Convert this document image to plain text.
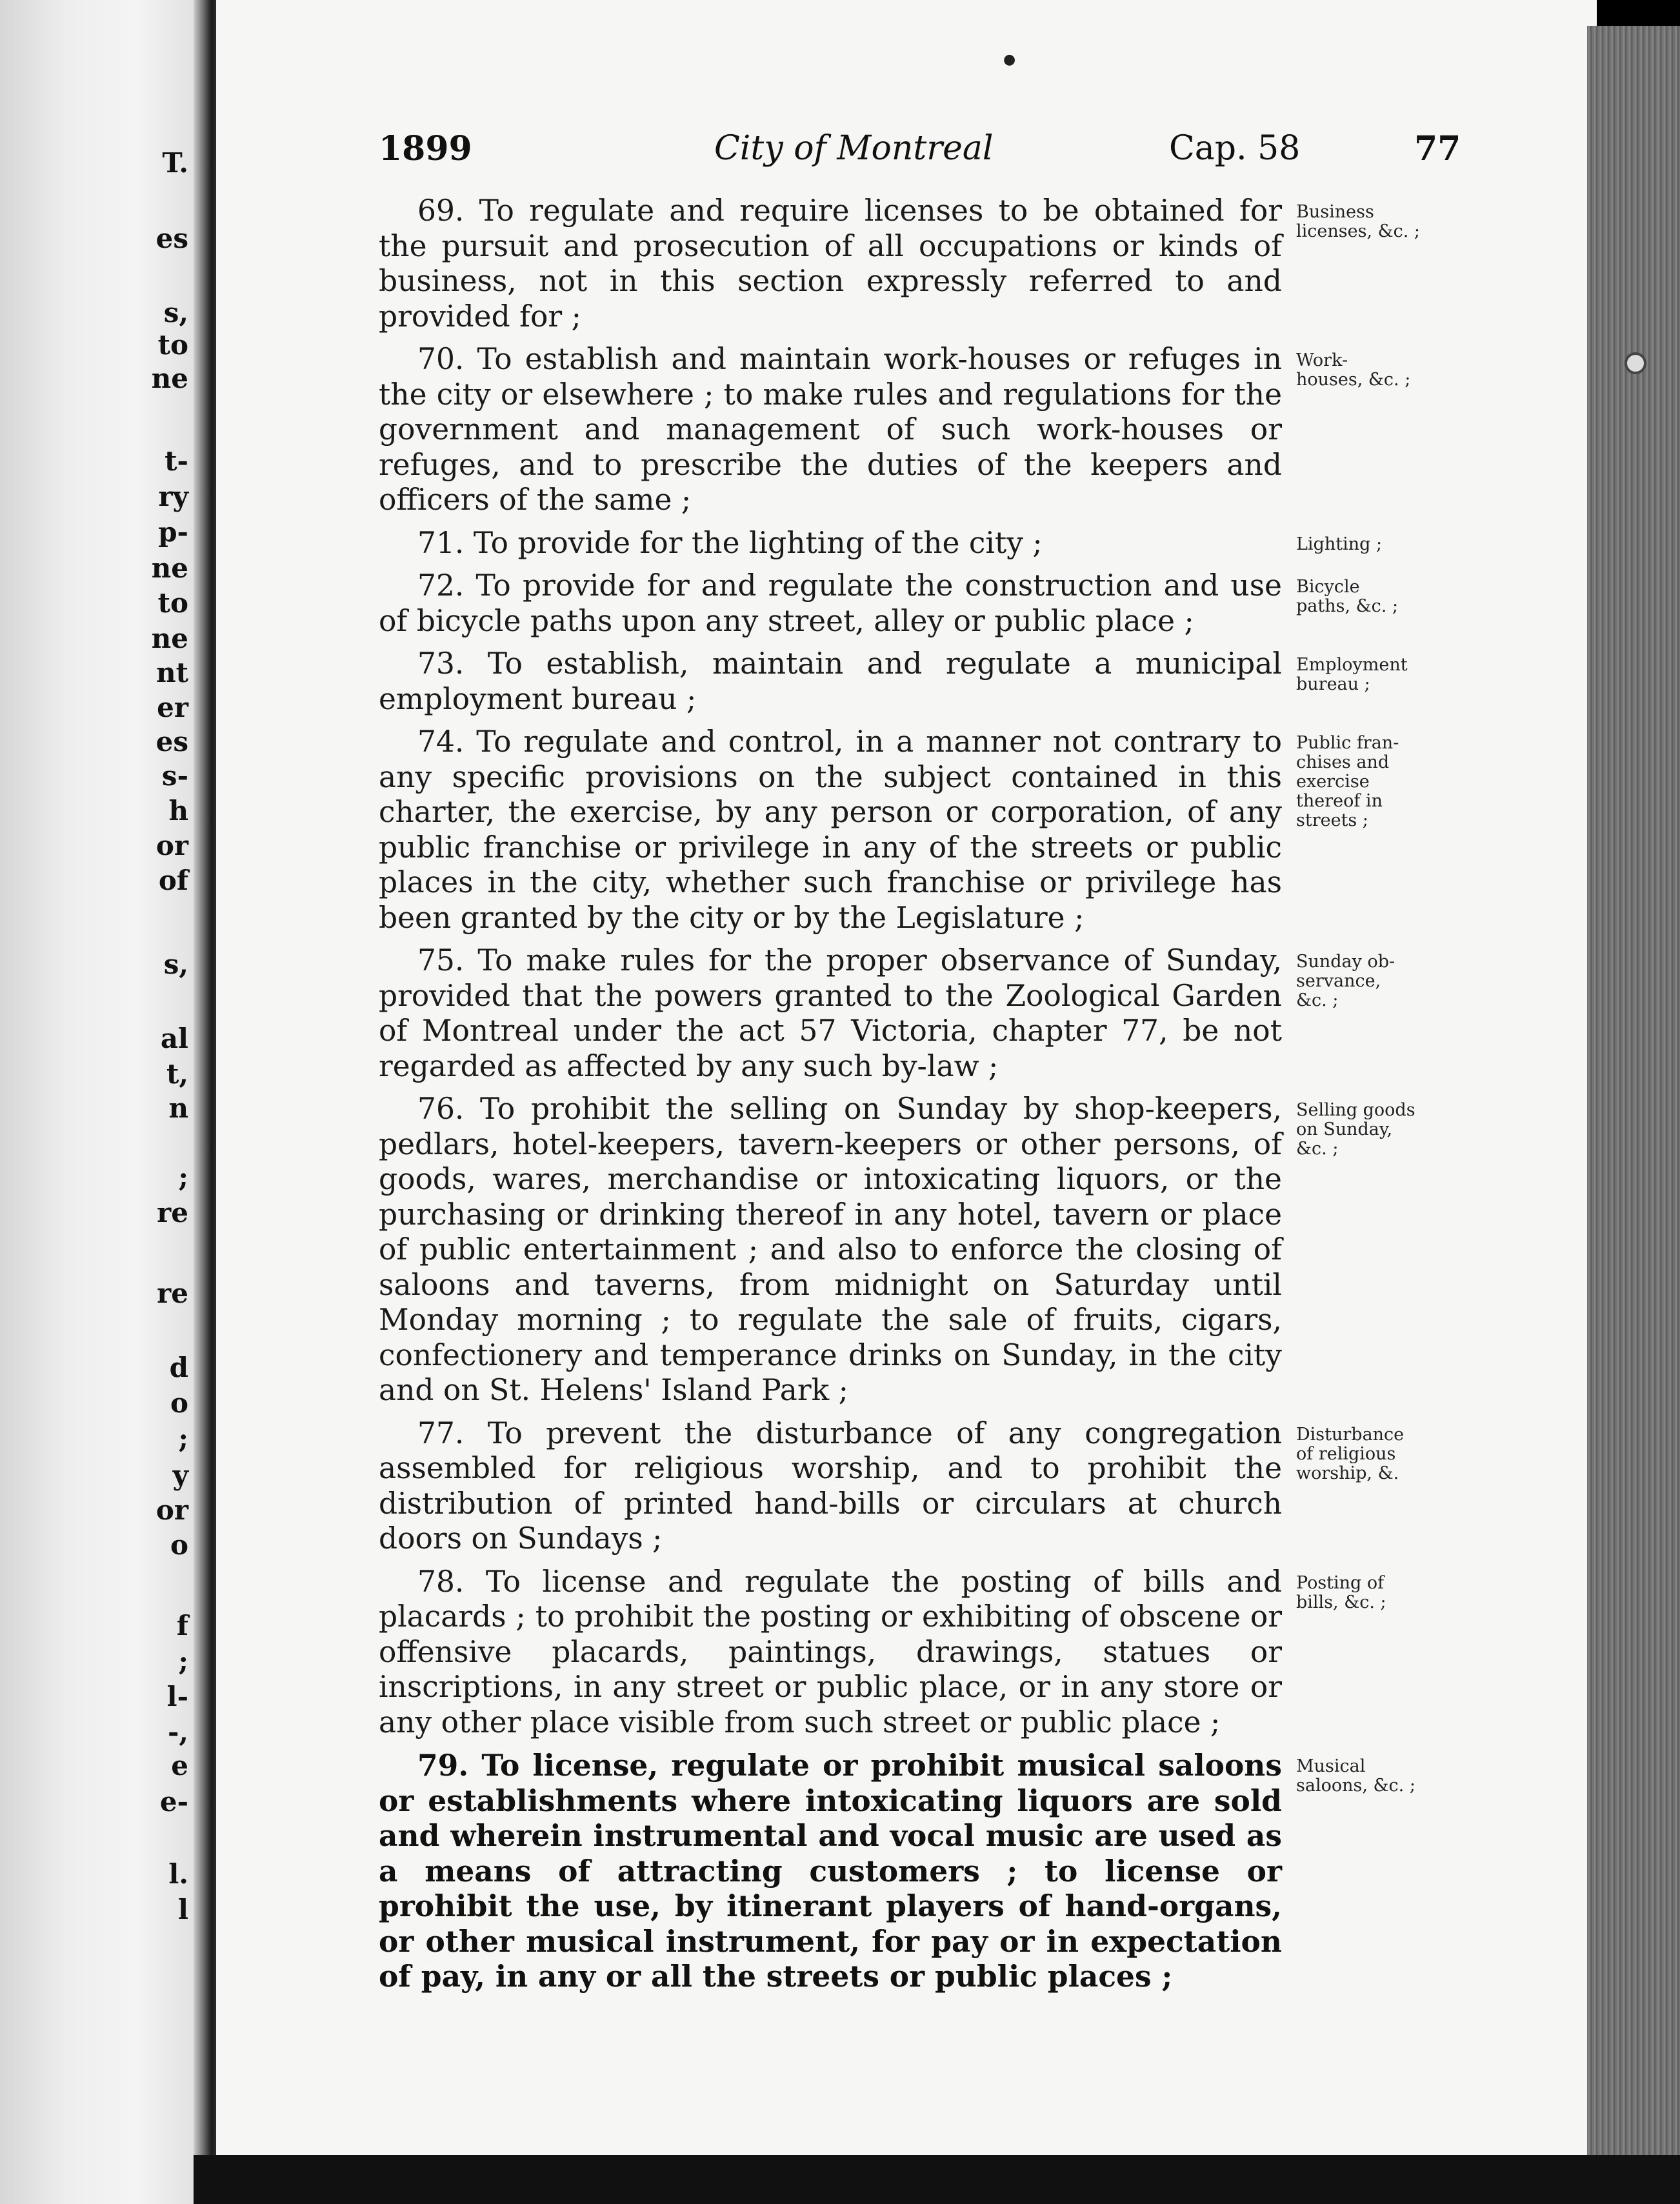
T.
es
s,
to
ne
t-
ry
p-
ne
to
ne
nt
er
es
s-
h
or
of
s,
al
t,
n
;
re
re
d
o
;
y
or
o
f
;
l-
-,
e
e-
l.
l
●
1899	City of Montreal	Cap. 58	77
69. To regulate and require licenses to be obtained for the pursuit and prosecution of all occupations or kinds of business, not in this section expressly referred to and provided for ;
Business
licenses, &c. ;
70. To establish and maintain work-houses or refuges in the city or elsewhere ; to make rules and regulations for the government and management of such work-houses or refuges, and to prescribe the duties of the keepers and officers of the same ;
Work-
houses, &c. ;
71. To provide for the lighting of the city ;	Lighting ;
72. To provide for and regulate the construction and use of bicycle paths upon any street, alley or public place ;
Bicycle
paths, &c. ;
73. To establish, maintain and regulate a municipal employment bureau ;
Employment
bureau ;
74. To regulate and control, in a manner not contrary to any specific provisions on the subject contained in this charter, the exercise, by any person or corporation, of any public franchise or privilege in any of the streets or public places in the city, whether such franchise or privilege has been granted by the city or by the Legislature ;
Public fran-
chises and
exercise
thereof in
streets ;
75. To make rules for the proper observance of Sunday, provided that the powers granted to the Zoological Garden of Montreal under the act 57 Victoria, chapter 77, be not regarded as affected by any such by-law ;
Sunday ob-
servance,
&c. ;
76. To prohibit the selling on Sunday by shop-keepers, pedlars, hotel-keepers, tavern-keepers or other persons, of goods, wares, merchandise or intoxicating liquors, or the purchasing or drinking thereof in any hotel, tavern or place of public entertainment ; and also to enforce the closing of saloons and taverns, from midnight on Saturday until Monday morning ; to regulate the sale of fruits, cigars, confectionery and temperance drinks on Sunday, in the city and on St. Helens' Island Park ;
Selling goods
on Sunday,
&c. ;
77. To prevent the disturbance of any congregation assembled for religious worship, and to prohibit the distribution of printed hand-bills or circulars at church doors on Sundays ;
Disturbance
of religious
worship, &.
78. To license and regulate the posting of bills and placards ; to prohibit the posting or exhibiting of obscene or offensive placards, paintings, drawings, statues or inscriptions, in any street or public place, or in any store or any other place visible from such street or public place ;
Posting of
bills, &c. ;
79. To license, regulate or prohibit musical saloons or establishments where intoxicating liquors are sold and wherein instrumental and vocal music are used as a means of attracting customers ; to license or prohibit the use, by itinerant players of hand-organs, or other musical instrument, for pay or in expectation of pay, in any or all the streets or public places ;
Musical
saloons, &c. ;
